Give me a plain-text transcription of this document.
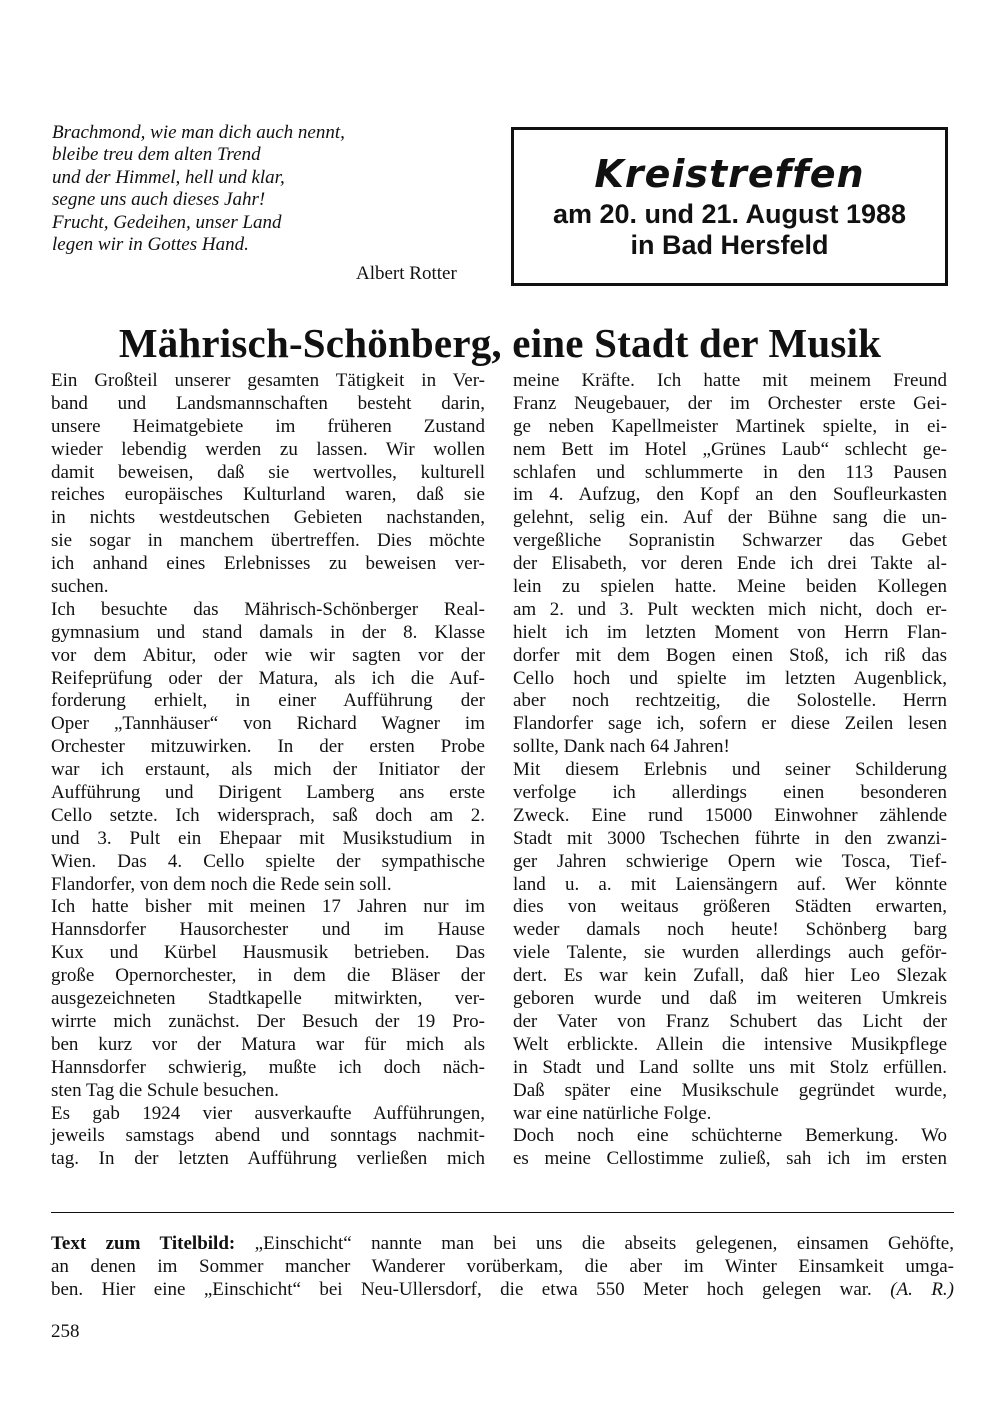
Brachmond, wie man dich auch nennt,
bleibe treu dem alten Trend
und der Himmel, hell und klar,
segne uns auch dieses Jahr!
Frucht, Gedeihen, unser Land
legen wir in Gottes Hand.
Albert Rotter
Kreistreffen
am 20. und 21. August 1988
in Bad Hersfeld
Mährisch-Schönberg, eine Stadt der Musik
Ein Großteil unserer gesamten Tätigkeit in Ver-
band und Landsmannschaften besteht darin,
unsere Heimatgebiete im früheren Zustand
wieder lebendig werden zu lassen. Wir wollen
damit beweisen, daß sie wertvolles, kulturell
reiches europäisches Kulturland waren, daß sie
in nichts westdeutschen Gebieten nachstanden,
sie sogar in manchem übertreffen. Dies möchte
ich anhand eines Erlebnisses zu beweisen ver-
suchen.
Ich besuchte das Mährisch-Schönberger Real-
gymnasium und stand damals in der 8. Klasse
vor dem Abitur, oder wie wir sagten vor der
Reifeprüfung oder der Matura, als ich die Auf-
forderung erhielt, in einer Aufführung der
Oper „Tannhäuser“ von Richard Wagner im
Orchester mitzuwirken. In der ersten Probe
war ich erstaunt, als mich der Initiator der
Aufführung und Dirigent Lamberg ans erste
Cello setzte. Ich widersprach, saß doch am 2.
und 3. Pult ein Ehepaar mit Musikstudium in
Wien. Das 4. Cello spielte der sympathische
Flandorfer, von dem noch die Rede sein soll.
Ich hatte bisher mit meinen 17 Jahren nur im
Hannsdorfer Hausorchester und im Hause
Kux und Kürbel Hausmusik betrieben. Das
große Opernorchester, in dem die Bläser der
ausgezeichneten Stadtkapelle mitwirkten, ver-
wirrte mich zunächst. Der Besuch der 19 Pro-
ben kurz vor der Matura war für mich als
Hannsdorfer schwierig, mußte ich doch näch-
sten Tag die Schule besuchen.
Es gab 1924 vier ausverkaufte Aufführungen,
jeweils samstags abend und sonntags nachmit-
tag. In der letzten Aufführung verließen mich
meine Kräfte. Ich hatte mit meinem Freund
Franz Neugebauer, der im Orchester erste Gei-
ge neben Kapellmeister Martinek spielte, in ei-
nem Bett im Hotel „Grünes Laub“ schlecht ge-
schlafen und schlummerte in den 113 Pausen
im 4. Aufzug, den Kopf an den Soufleurkasten
gelehnt, selig ein. Auf der Bühne sang die un-
vergeßliche Sopranistin Schwarzer das Gebet
der Elisabeth, vor deren Ende ich drei Takte al-
lein zu spielen hatte. Meine beiden Kollegen
am 2. und 3. Pult weckten mich nicht, doch er-
hielt ich im letzten Moment von Herrn Flan-
dorfer mit dem Bogen einen Stoß, ich riß das
Cello hoch und spielte im letzten Augenblick,
aber noch rechtzeitig, die Solostelle. Herrn
Flandorfer sage ich, sofern er diese Zeilen lesen
sollte, Dank nach 64 Jahren!
Mit diesem Erlebnis und seiner Schilderung
verfolge ich allerdings einen besonderen
Zweck. Eine rund 15000 Einwohner zählende
Stadt mit 3000 Tschechen führte in den zwanzi-
ger Jahren schwierige Opern wie Tosca, Tief-
land u. a. mit Laiensängern auf. Wer könnte
dies von weitaus größeren Städten erwarten,
weder damals noch heute! Schönberg barg
viele Talente, sie wurden allerdings auch geför-
dert. Es war kein Zufall, daß hier Leo Slezak
geboren wurde und daß im weiteren Umkreis
der Vater von Franz Schubert das Licht der
Welt erblickte. Allein die intensive Musikpflege
in Stadt und Land sollte uns mit Stolz erfüllen.
Daß später eine Musikschule gegründet wurde,
war eine natürliche Folge.
Doch noch eine schüchterne Bemerkung. Wo
es meine Cellostimme zuließ, sah ich im ersten
Text zum Titelbild: „Einschicht“ nannte man bei uns die abseits gelegenen, einsamen Gehöfte,
an denen im Sommer mancher Wanderer vorüberkam, die aber im Winter Einsamkeit umga-
ben. Hier eine „Einschicht“ bei Neu-Ullersdorf, die etwa 550 Meter hoch gelegen war. (A. R.)
258
